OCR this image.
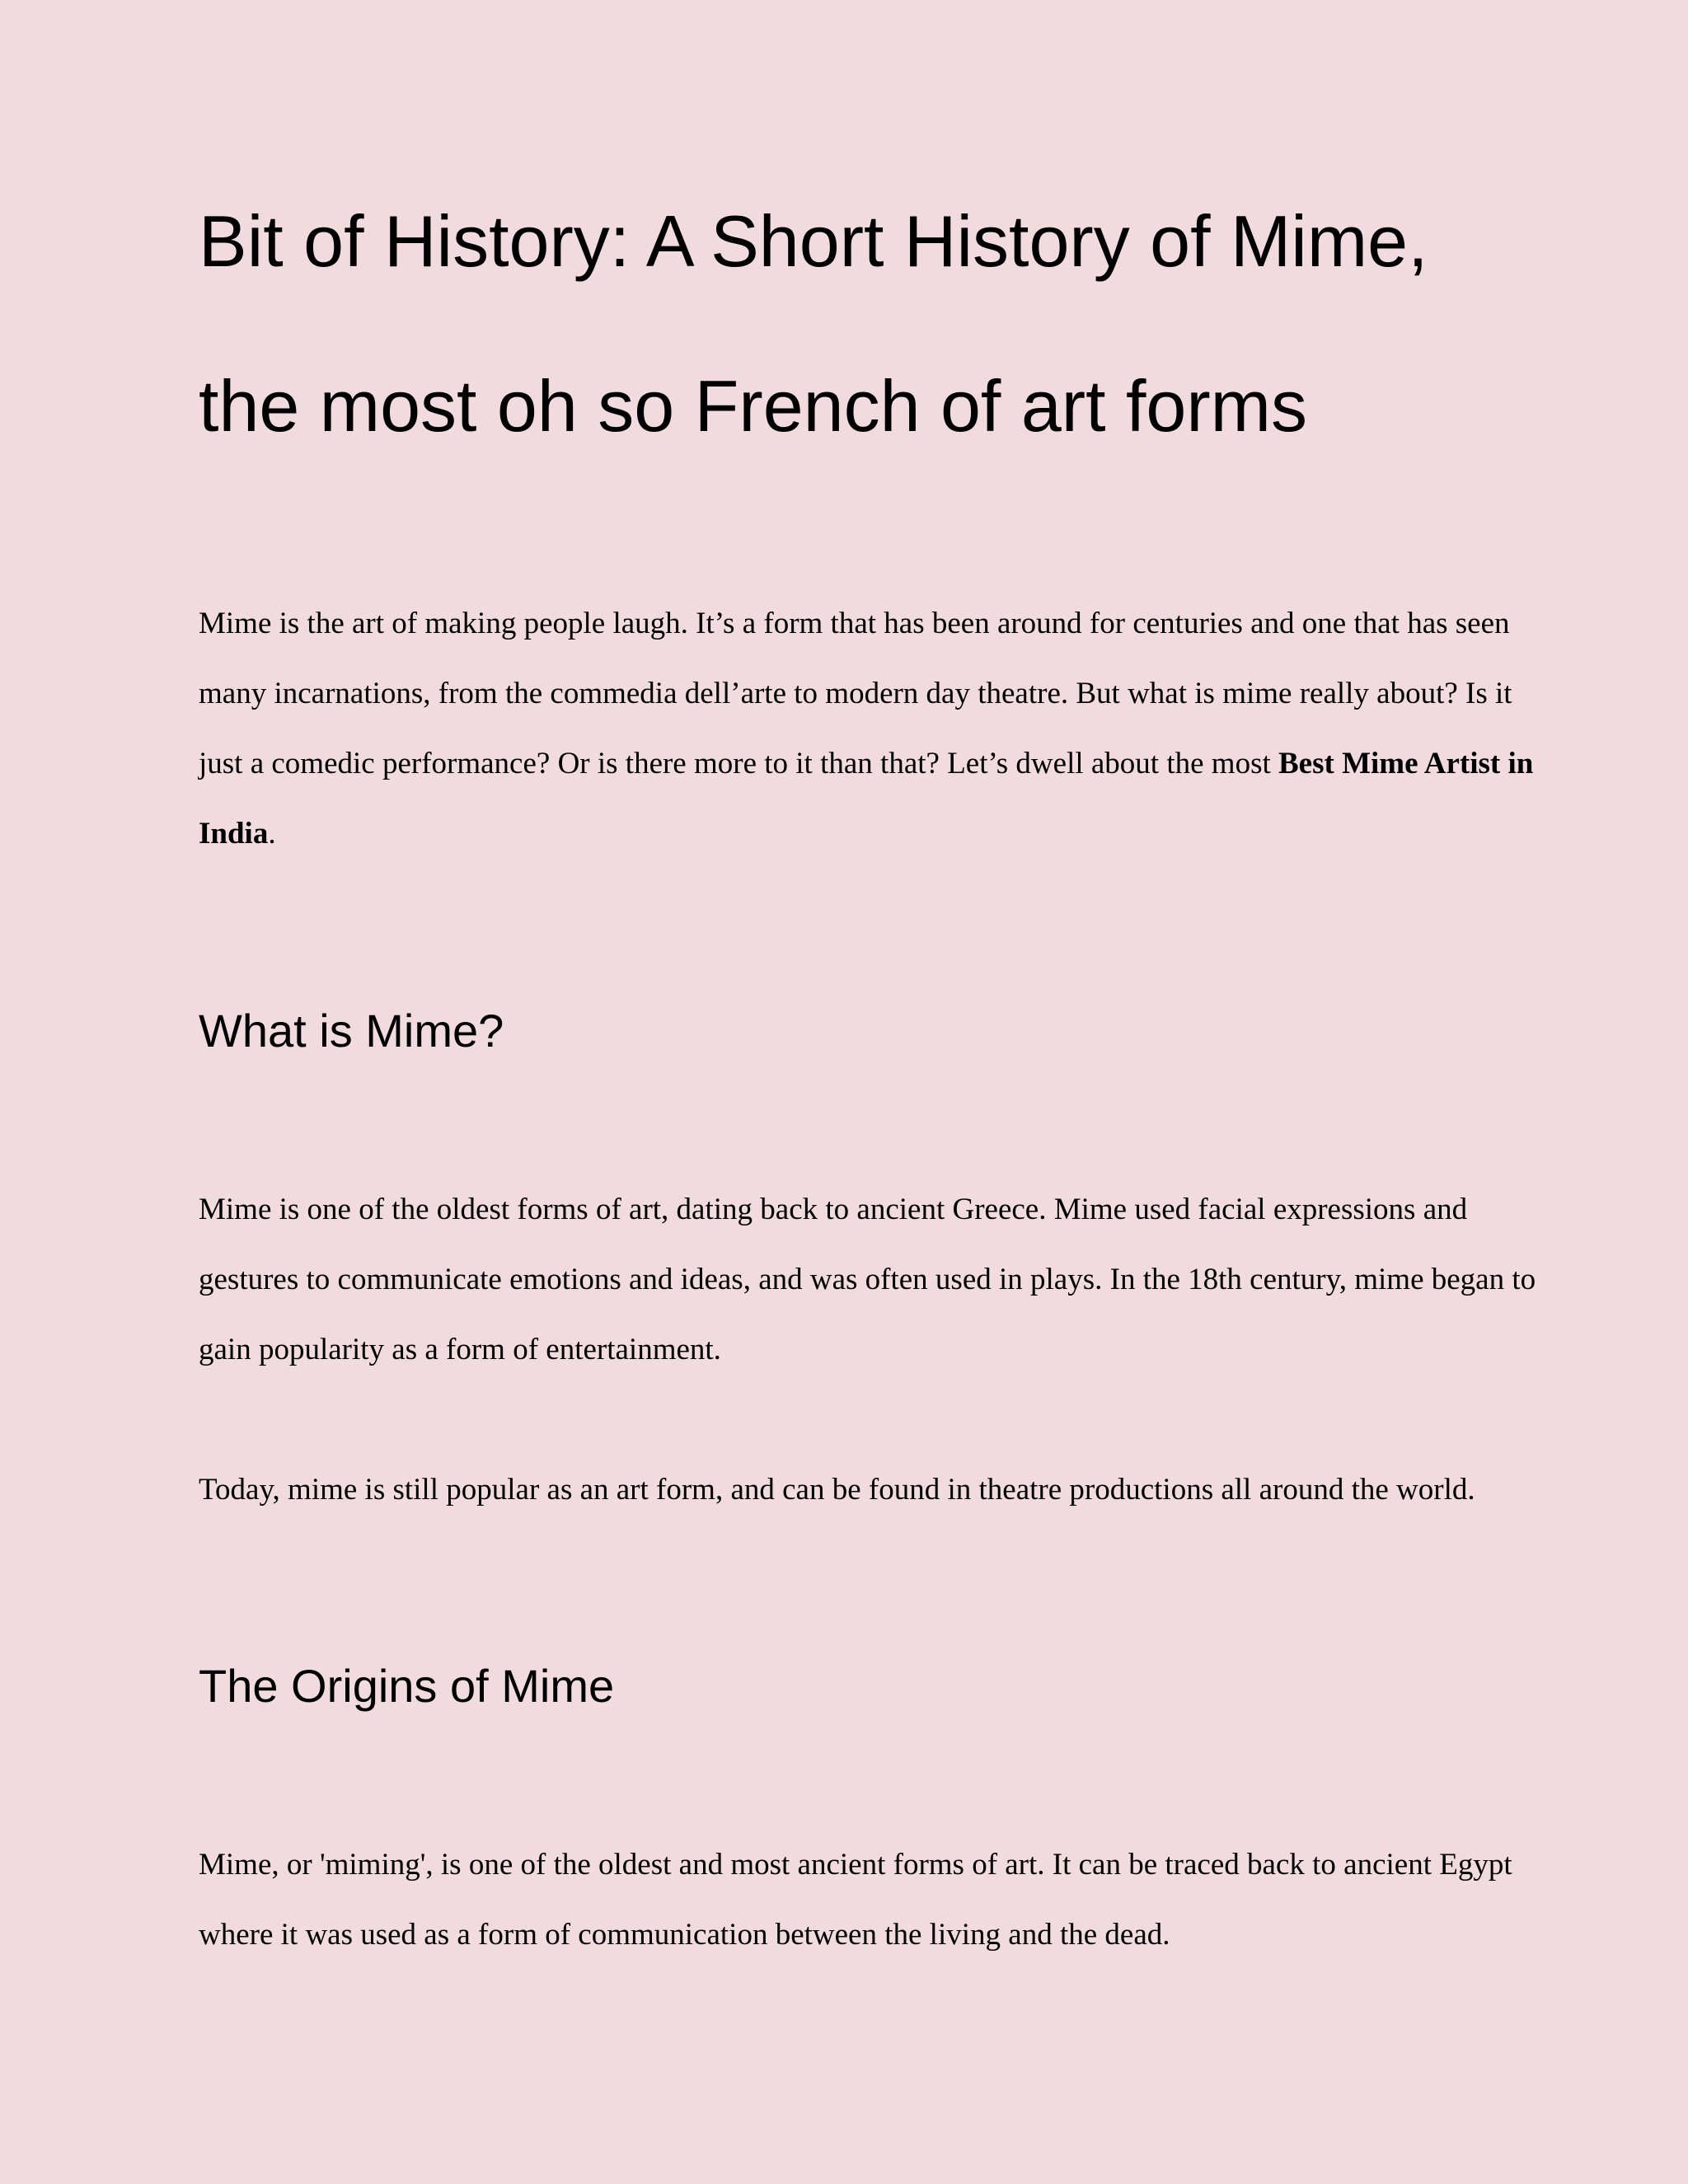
Bit of History: A Short History of Mime,
the most oh so French of art forms

Mime is the art of making people laugh. It’s a form that has been around for centuries and one that has seen many incarnations, from the commedia dell’arte to modern day theatre. But what is mime really about? Is it just a comedic performance? Or is there more to it than that? Let’s dwell about the most Best Mime Artist in India.

What is Mime?

Mime is one of the oldest forms of art, dating back to ancient Greece. Mime used facial expressions and gestures to communicate emotions and ideas, and was often used in plays. In the 18th century, mime began to gain popularity as a form of entertainment.

Today, mime is still popular as an art form, and can be found in theatre productions all around the world.

The Origins of Mime

Mime, or 'miming', is one of the oldest and most ancient forms of art. It can be traced back to ancient Egypt where it was used as a form of communication between the living and the dead.
